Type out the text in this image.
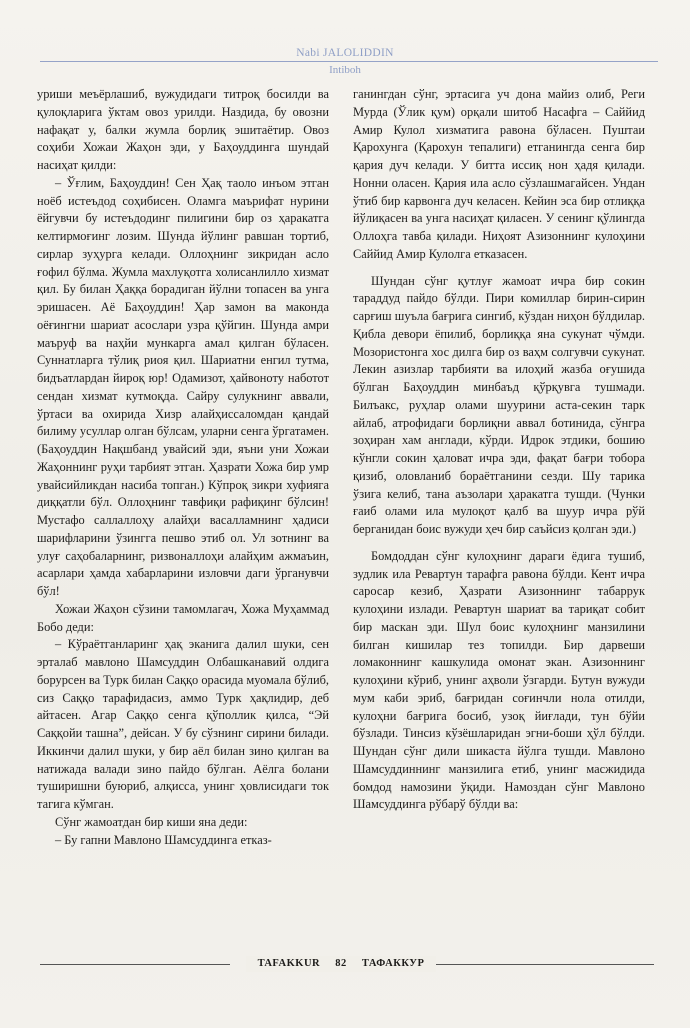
Nabi JALOLIDDIN
Intiboh

уриши меъёрлашиб, вужудидаги титроқ босилди ва қулоқларига ўктам овоз урилди. Наздида, бу овозни нафақат у, балки жумла борлиқ эшитаётир. Овоз соҳиби Хожаи Жаҳон эди, у Баҳоуддинга шундай насиҳат қилди:

– Ўғлим, Баҳоуддин! Сен Ҳақ таоло инъом этган ноёб истеъдод соҳибисен. Оламга маърифат нурини ёйгувчи бу истеъдодинг пилигини бир оз ҳаракатга келтирмоғинг лозим. Шунда йўлинг равшан тортиб, сирлар зуҳурга келади. Оллоҳнинг зикридан асло ғофил бўлма. Жумла махлуқотга холисанлилло хизмат қил. Бу билан Ҳаққа борадиган йўлни топасен ва унга эришасен. Аё Баҳоуддин! Ҳар замон ва маконда оёғингни шариат асослари узра қўйгин. Шунда амри маъруф ва наҳйи мункарга амал қилган бўласен. Суннатларга тўлиқ риоя қил. Шариатни енгил тутма, бидъатлардан йироқ юр! Одамизот, ҳайвоноту наботот сендан хизмат кутмоқда. Сайру сулукнинг аввали, ўртаси ва охирида Хизр алайҳиссаломдан қандай билиму усуллар олган бўлсам, уларни сенга ўргатамен. (Баҳоуддин Нақшбанд увайсий эди, яъни уни Хожаи Жаҳоннинг руҳи тарбият этган. Ҳазрати Хожа бир умр увайсийликдан насиба топган.) Кўпроқ зикри хуфияга диққатли бўл. Оллоҳнинг тавфиқи рафиқинг бўлсин! Мустафо саллаллоҳу алайҳи васалламнинг ҳадиси шарифларини ўзингга пешво этиб ол. Ул зотнинг ва улуғ саҳобаларнинг, ризвоналлоҳи алайҳим ажмаъин, асарлари ҳамда хабарларини изловчи даги ўрганувчи бўл!

Хожаи Жаҳон сўзини тамомлагач, Хожа Муҳаммад Бобо деди:

– Кўраётганларинг ҳақ эканига далил шуки, сен эрталаб мавлоно Шамсуддин Олбашканавий олдига борурсен ва Турк билан Саққо орасида муомала бўлиб, сиз Саққо тарафидасиз, аммо Турк ҳақлидир, деб айтасен. Агар Саққо сенга қўполлик қилса, “Эй Саққойи ташна”, дейсан. У бу сўзнинг сирини билади. Иккинчи далил шуки, у бир аёл билан зино қилган ва натижада валади зино пайдо бўлган. Аёлга болани туширишни буюриб, алқисса, унинг ҳовлисидаги ток тагига кўмган.

Сўнг жамоатдан бир киши яна деди:

– Бу гапни Мавлоно Шамсуддинга етказ-

ганингдан сўнг, эртасига уч дона майиз олиб, Реги Мурда (Ўлик қум) орқали шитоб Насафга – Саййид Амир Кулол хизматига равона бўласен. Пуштаи Қарохунга (Қарохун тепалиги) етганингда сенга бир қария дуч келади. У битта иссиқ нон ҳадя қилади. Нонни оласен. Қария ила асло сўзлашмагайсен. Ундан ўтиб бир карвонга дуч келасен. Кейин эса бир отлиққа йўлиқасен ва унга насиҳат қиласен. У сенинг қўлингда Оллоҳга тавба қилади. Ниҳоят Азизоннинг кулоҳини Саййид Амир Кулолга етказасен.

Шундан сўнг қутлуғ жамоат ичра бир сокин тараддуд пайдо бўлди. Пири комиллар бирин-сирин сарғиш шуъла бағрига сингиб, кўздан ниҳон бўлдилар. Қибла девори ёпилиб, борлиққа яна сукунат чўмди. Мозористонга хос дилга бир оз ваҳм солгувчи сукунат. Лекин азизлар тарбияти ва илоҳий жазба оғушида бўлган Баҳоуддин минбаъд қўрқувга тушмади. Билъакс, руҳлар олами шуурини аста-секин тарк айлаб, атрофидаги борлиқни аввал ботинида, сўнгра зоҳиран хам англади, кўрди. Идрок этдики, бошию кўнгли сокин ҳаловат ичра эди, фақат бағри тобора қизиб, оловланиб бораётганини сезди. Шу тарика ўзига келиб, тана аъзолари ҳаракатга тушди. (Чунки ғаиб олами ила мулоқот қалб ва шуур ичра рўй берганидан боис вужуди ҳеч бир саъйсиз қолган эди.)

Бомдоддан сўнг кулоҳнинг дараги ёдига тушиб, зудлик ила Ревартун тарафга равона бўлди. Кент ичра саросар кезиб, Ҳазрати Азизоннинг табаррук кулоҳини излади. Ревартун шариат ва тариқат собит бир маскан эди. Шул боис кулоҳнинг манзилини билган кишилар тез топилди. Бир дарвеши ломаконнинг кашкулида омонат экан. Азизоннинг кулоҳини кўриб, унинг аҳволи ўзгарди. Бутун вужуди мум каби эриб, бағридан соғинчли нола отилди, кулоҳни бағрига босиб, узоқ йиғлади, тун бўйи бўзлади. Тинсиз кўзёшларидан эгни-боши ҳўл бўлди. Шундан сўнг дили шикаста йўлга тушди. Мавлоно Шамсуддиннинг манзилига етиб, унинг масжидида бомдод намозини ўқиди. Намоздан сўнг Мавлоно Шамсуддинга рўбарў бўлди ва:

TAFAKKUR 82 ТАФАККУР
